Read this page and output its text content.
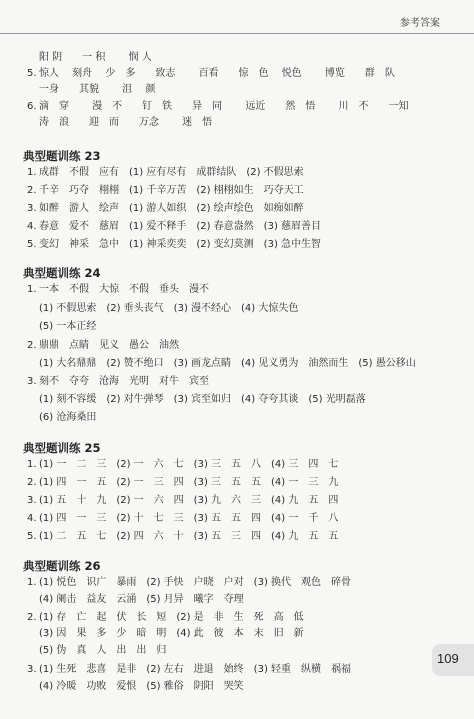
参考答案
阳 阴　　一 积　　 悯 人
5. 惊人　 刻舟　 少　多　　致志　 　百看　　惊　色　 悦色　 　博览　　群　队
一身　　其貌　　 沮　 颜
6. 滴　穿　　 漫　不　　钉　铁　　异　同　　 远近　　然　悟　　 川　不　　一知
涛　浪　　迎　而　　万念　　 迷　悟
典型题训练 23
1. 成群　不假　应有　(1) 应有尽有　成群结队　(2) 不假思索
2. 千辛　巧夺　栩栩　(1) 千辛万苦　(2) 栩栩如生　巧夺天工
3. 如醉　游人　绘声　(1) 游人如织　(2) 绘声绘色　如痴如醉
4. 春意　爱不　慈眉　(1) 爱不释手　(2) 春意盎然　(3) 慈眉善目
5. 变幻　神采　急中　(1) 神采奕奕　(2) 变幻莫测　(3) 急中生智
典型题训练 24
1. 一本　不假　大惊　不假　垂头　漫不
(1) 不假思索　(2) 垂头丧气　(3) 漫不经心　(4) 大惊失色
(5) 一本正经
2. 鼎鼎　点睛　见义　愚公　油然
(1) 大名鼎鼎　(2) 赞不绝口　(3) 画龙点睛　(4) 见义勇为　油然而生　(5) 愚公移山
3. 刻不　夺夸　沧海　光明　对牛　宾至
(1) 刻不容缓　(2) 对牛弹琴　(3) 宾至如归　(4) 夺夸其谈　(5) 光明磊落
(6) 沧海桑田
典型题训练 25
1. (1) 一　二　三　(2) 一　六　七　(3) 三　五　八　(4) 三　四　七
2. (1) 四　一　五　(2) 一　三　四　(3) 三　五　五　(4) 一　三　九
3. (1) 五　十　九　(2) 一　六　四　(3) 九　六　三　(4) 九　五　四
4. (1) 四　一　三　(2) 十　七　三　(3) 五　五　四　(4) 一　千　八
5. (1) 二　五　七　(2) 四　六　十　(3) 五　三　四　(4) 九　五　五
典型题训练 26
1. (1) 悦色　识广　暴雨　(2) 手快　户晓　户对　(3) 换代　观色　碎骨
(4) 阑击　益友　云涌　(5) 月异　曦字　夺理
2. (1) 存　亡　起　伏　长　短　(2) 是　非　生　死　高　低
(3) 因　果　多　少　暗　明　(4) 此　彼　本　末　旧　新
(5) 伪　真　人　出　出　归
3. (1) 生死　悲喜　是非　(2) 左右　进退　始终　(3) 轻重　纵横　祸福
(4) 冷暖　功败　爱恨　(5) 雅俗　阴阳　哭笑
109
